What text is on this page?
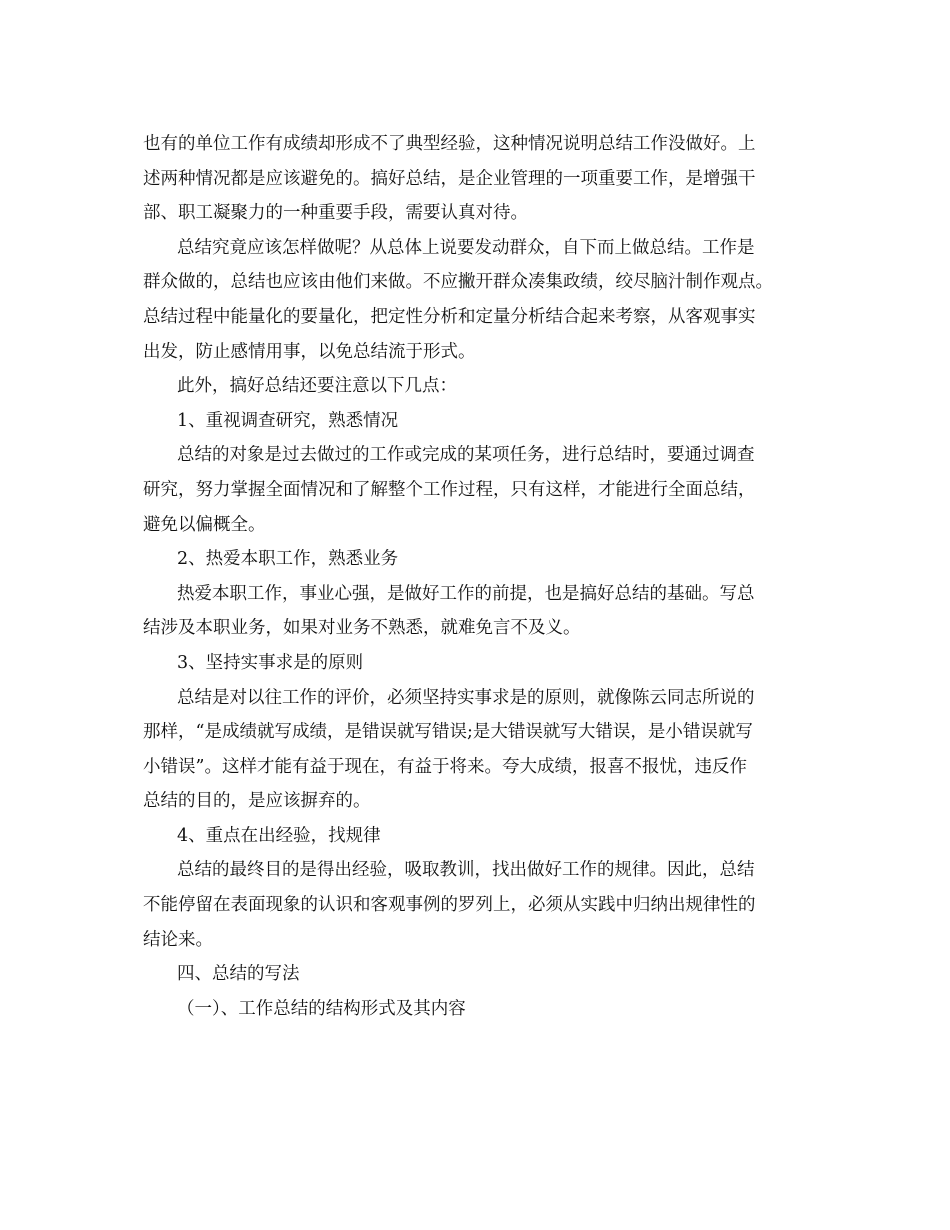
也有的单位工作有成绩却形成不了典型经验，这种情况说明总结工作没做好。上
述两种情况都是应该避免的。搞好总结，是企业管理的一项重要工作，是增强干
部、职工凝聚力的一种重要手段，需要认真对待。
总结究竟应该怎样做呢？从总体上说要发动群众，自下而上做总结。工作是
群众做的，总结也应该由他们来做。不应撇开群众凑集政绩，绞尽脑汁制作观点。
总结过程中能量化的要量化，把定性分析和定量分析结合起来考察，从客观事实
出发，防止感情用事，以免总结流于形式。
此外，搞好总结还要注意以下几点：
1、重视调查研究，熟悉情况
总结的对象是过去做过的工作或完成的某项任务，进行总结时，要通过调查
研究，努力掌握全面情况和了解整个工作过程，只有这样，才能进行全面总结，
避免以偏概全。
2、热爱本职工作，熟悉业务
热爱本职工作，事业心强，是做好工作的前提，也是搞好总结的基础。写总
结涉及本职业务，如果对业务不熟悉，就难免言不及义。
3、坚持实事求是的原则
总结是对以往工作的评价，必须坚持实事求是的原则，就像陈云同志所说的
那样，“是成绩就写成绩，是错误就写错误;是大错误就写大错误，是小错误就写
小错误”。这样才能有益于现在，有益于将来。夸大成绩，报喜不报忧，违反作
总结的目的，是应该摒弃的。
4、重点在出经验，找规律
总结的最终目的是得出经验，吸取教训，找出做好工作的规律。因此，总结
不能停留在表面现象的认识和客观事例的罗列上，必须从实践中归纳出规律性的
结论来。
四、总结的写法
（一）、工作总结的结构形式及其内容
